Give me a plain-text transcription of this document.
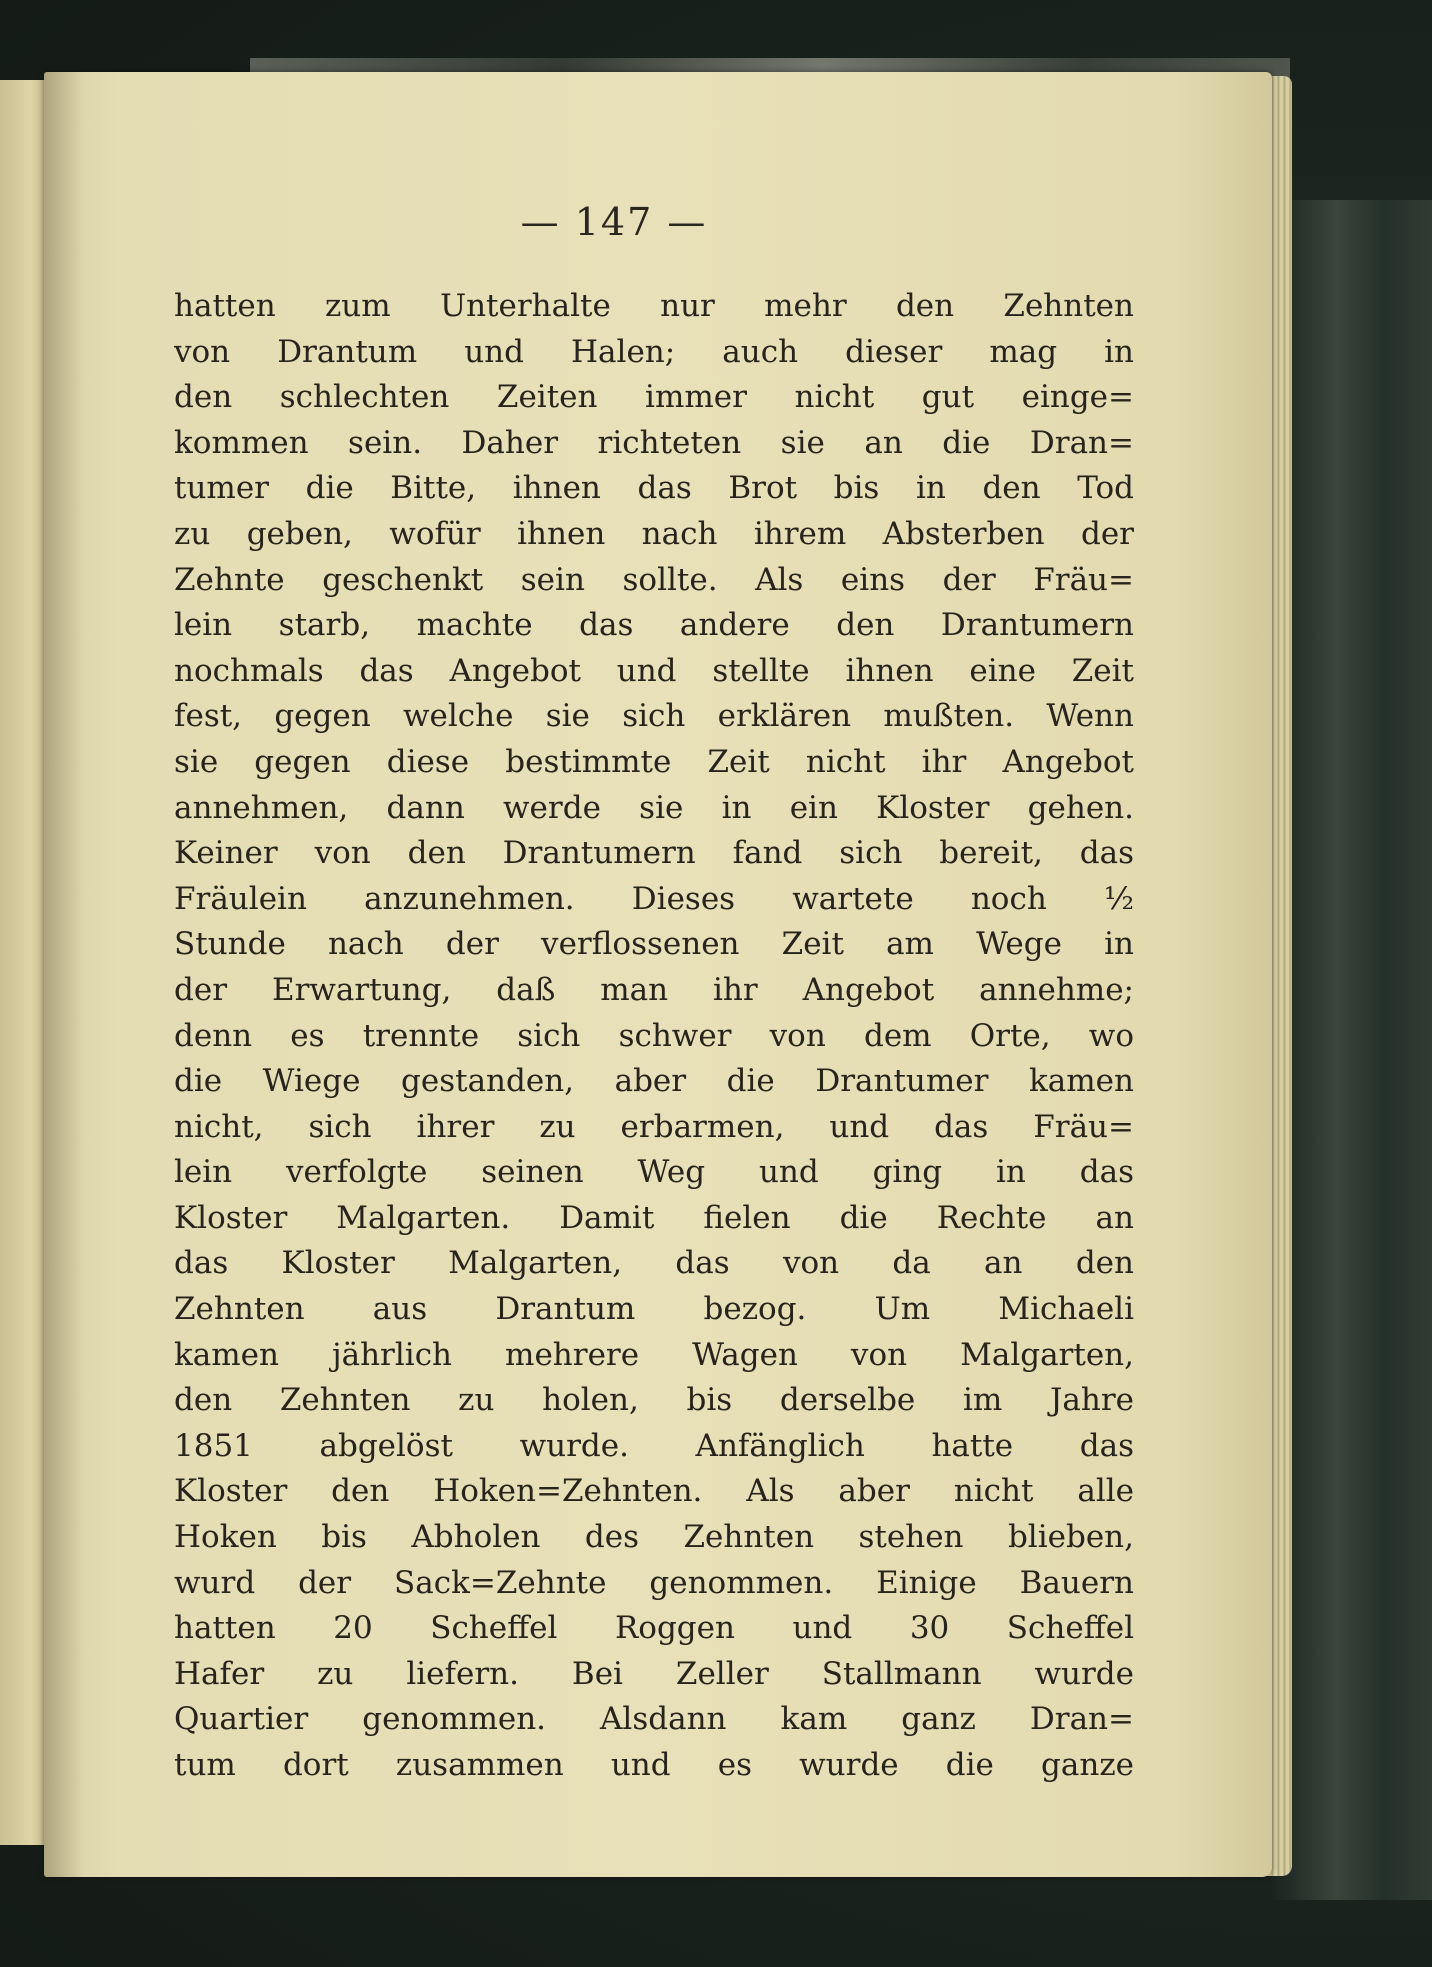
— 147 —
hatten zum Unterhalte nur mehr den Zehnten
von Drantum und Halen; auch dieser mag in
den schlechten Zeiten immer nicht gut einge=
kommen sein. Daher richteten sie an die Dran=
tumer die Bitte, ihnen das Brot bis in den Tod
zu geben, wofür ihnen nach ihrem Absterben der
Zehnte geschenkt sein sollte. Als eins der Fräu=
lein starb, machte das andere den Drantumern
nochmals das Angebot und stellte ihnen eine Zeit
fest, gegen welche sie sich erklären mußten. Wenn
sie gegen diese bestimmte Zeit nicht ihr Angebot
annehmen, dann werde sie in ein Kloster gehen.
Keiner von den Drantumern fand sich bereit, das
Fräulein anzunehmen. Dieses wartete noch ½
Stunde nach der verflossenen Zeit am Wege in
der Erwartung, daß man ihr Angebot annehme;
denn es trennte sich schwer von dem Orte, wo
die Wiege gestanden, aber die Drantumer kamen
nicht, sich ihrer zu erbarmen, und das Fräu=
lein verfolgte seinen Weg und ging in das
Kloster Malgarten. Damit fielen die Rechte an
das Kloster Malgarten, das von da an den
Zehnten aus Drantum bezog. Um Michaeli
kamen jährlich mehrere Wagen von Malgarten,
den Zehnten zu holen, bis derselbe im Jahre
1851 abgelöst wurde. Anfänglich hatte das
Kloster den Hoken=Zehnten. Als aber nicht alle
Hoken bis Abholen des Zehnten stehen blieben,
wurd der Sack=Zehnte genommen. Einige Bauern
hatten 20 Scheffel Roggen und 30 Scheffel
Hafer zu liefern. Bei Zeller Stallmann wurde
Quartier genommen. Alsdann kam ganz Dran=
tum dort zusammen und es wurde die ganze
